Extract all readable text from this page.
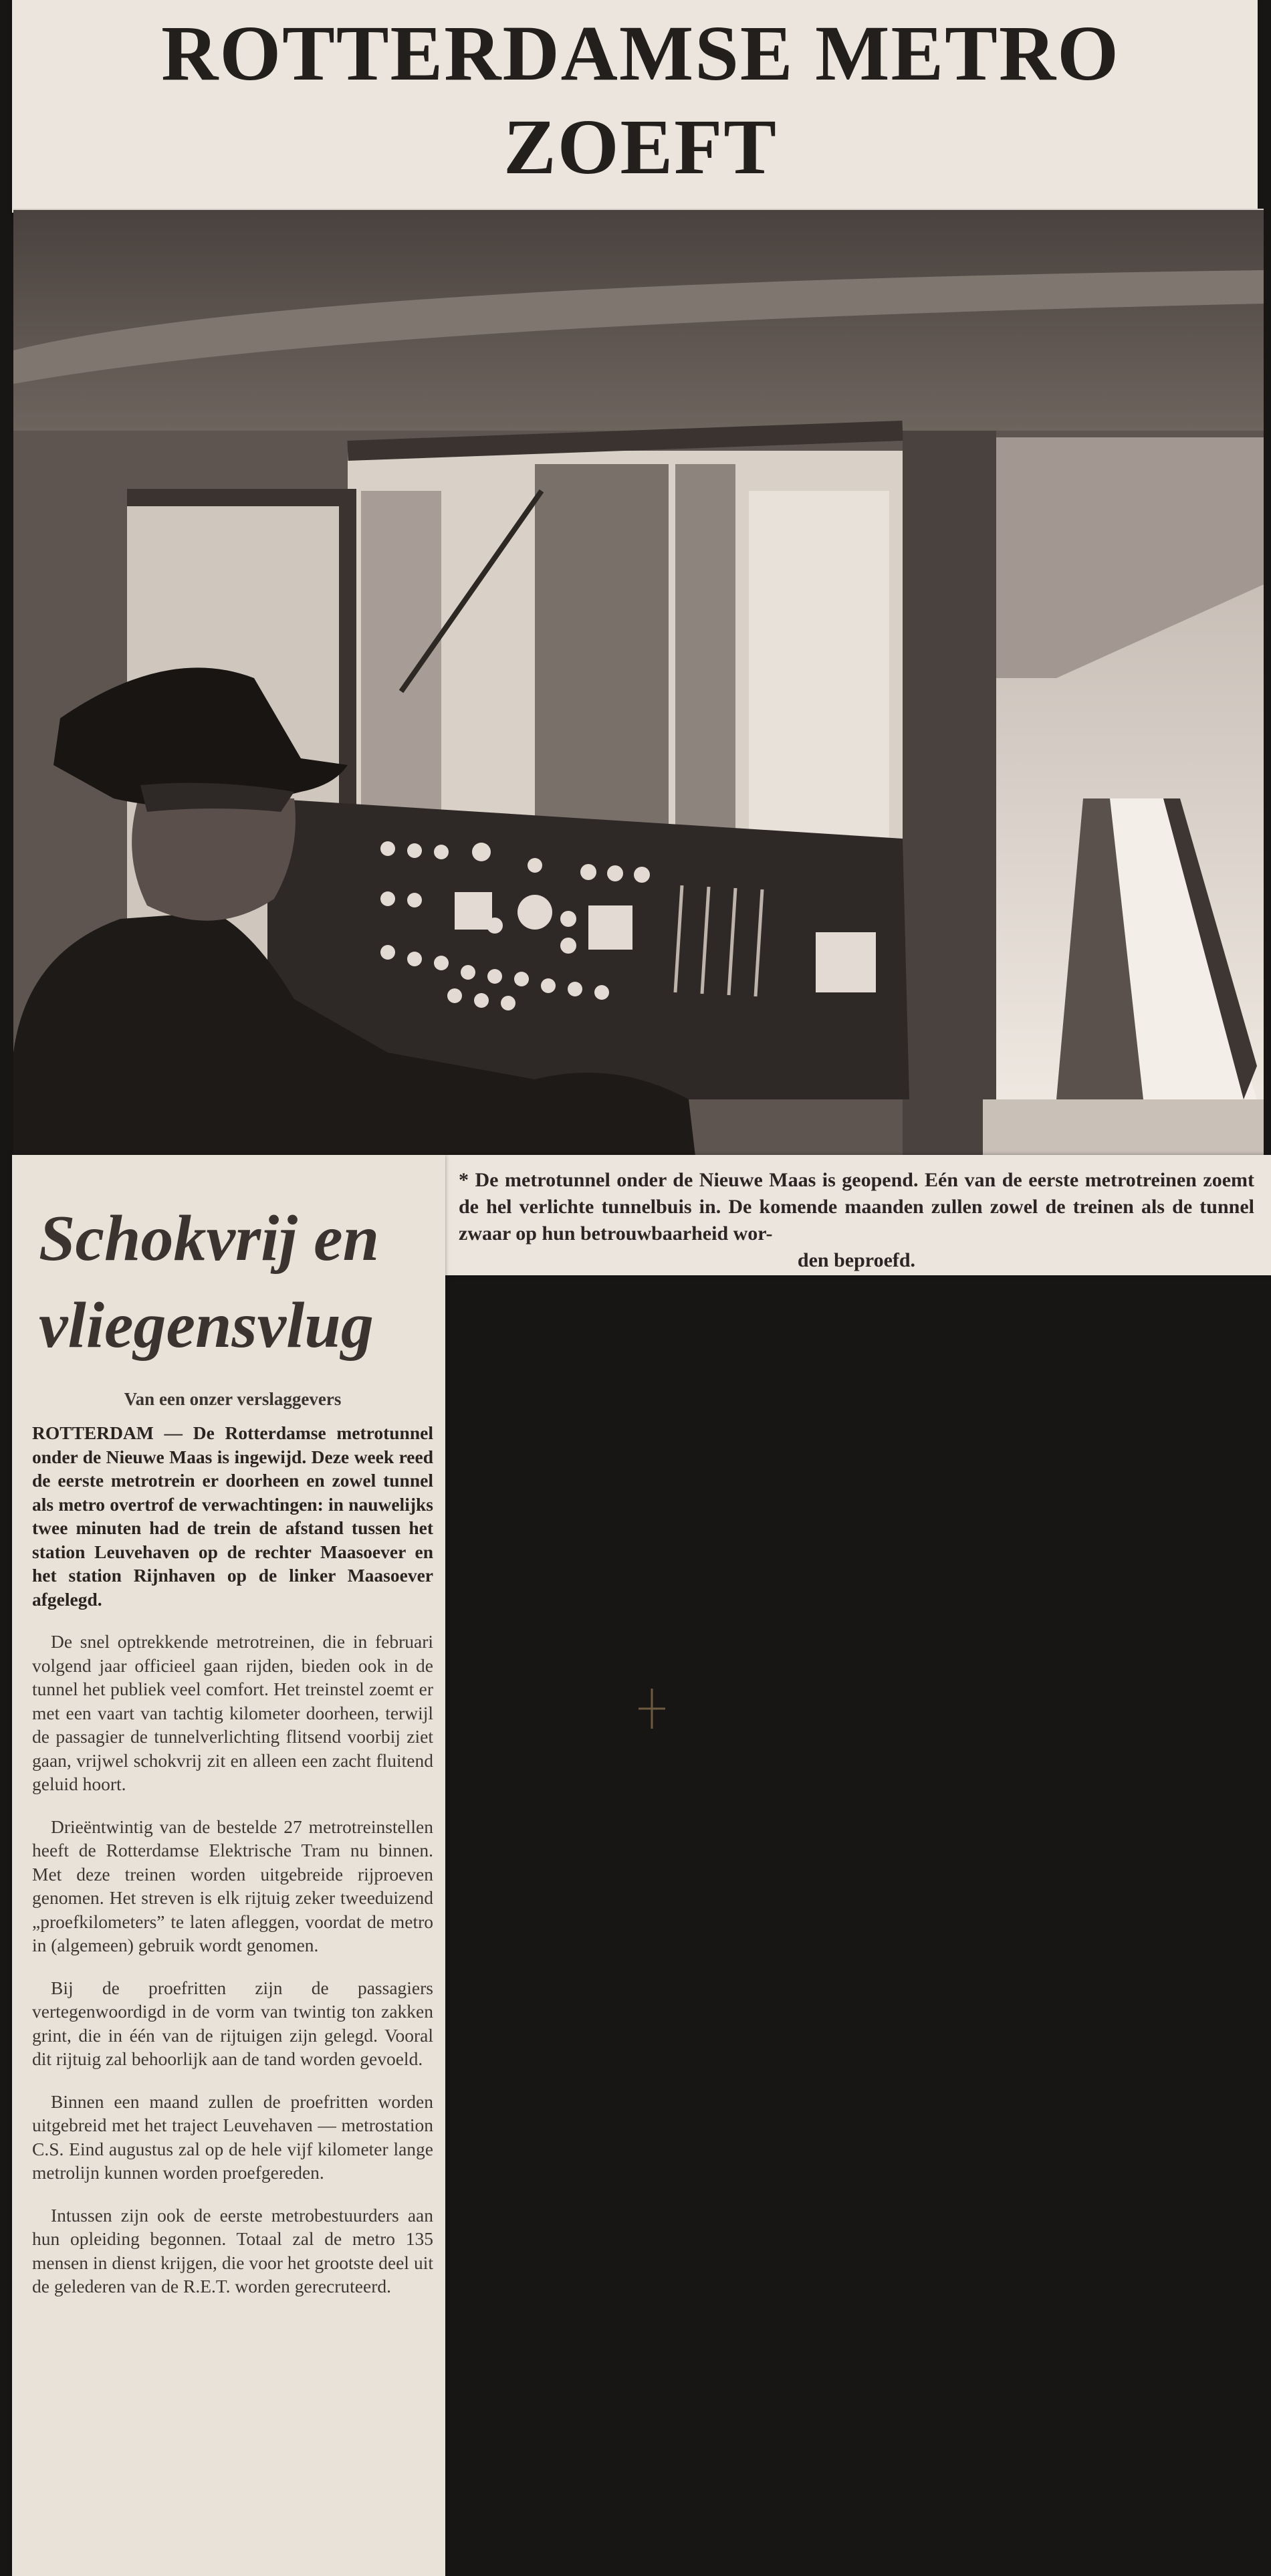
ROTTERDAMSE METRO ZOEFT

* De metrotunnel onder de Nieuwe Maas is geopend. Eén van de eerste metrotreinen zoemt de hel verlichte tunnelbuis in. De komende maanden zullen zowel de treinen als de tunnel zwaar op hun betrouwbaarheid wor-
den beproefd.

Schokvrij en
vliegensvlug
Van een onzer verslaggevers

ROTTERDAM — De Rotterdamse metrotunnel onder de Nieuwe Maas is ingewijd. Deze week reed de eerste metrotrein er doorheen en zowel tunnel als metro overtrof de verwachtingen: in nauwelijks twee minuten had de trein de afstand tussen het station Leuvehaven op de rechter Maasoever en het station Rijnhaven op de linker Maasoever afgelegd.

De snel optrekkende metrotreinen, die in februari volgend jaar officieel gaan rijden, bieden ook in de tunnel het publiek veel comfort. Het treinstel zoemt er met een vaart van tachtig kilometer doorheen, terwijl de passagier de tunnelverlichting flitsend voorbij ziet gaan, vrijwel schokvrij zit en alleen een zacht fluitend geluid hoort.

Drieëntwintig van de bestelde 27 metrotreinstellen heeft de Rotterdamse Elektrische Tram nu binnen. Met deze treinen worden uitgebreide rijproeven genomen. Het streven is elk rijtuig zeker tweeduizend „proefkilometers” te laten afleggen, voordat de metro in (algemeen) gebruik wordt genomen.

Bij de proefritten zijn de passagiers vertegenwoordigd in de vorm van twintig ton zakken grint, die in één van de rijtuigen zijn gelegd. Vooral dit rijtuig zal behoorlijk aan de tand worden gevoeld.

Binnen een maand zullen de proefritten worden uitgebreid met het traject Leuvehaven — metrostation C.S. Eind augustus zal op de hele vijf kilometer lange metrolijn kunnen worden proefgereden.

Intussen zijn ook de eerste metrobestuurders aan hun opleiding begonnen. Totaal zal de metro 135 mensen in dienst krijgen, die voor het grootste deel uit de gelederen van de R.E.T. worden gerecruteerd.
